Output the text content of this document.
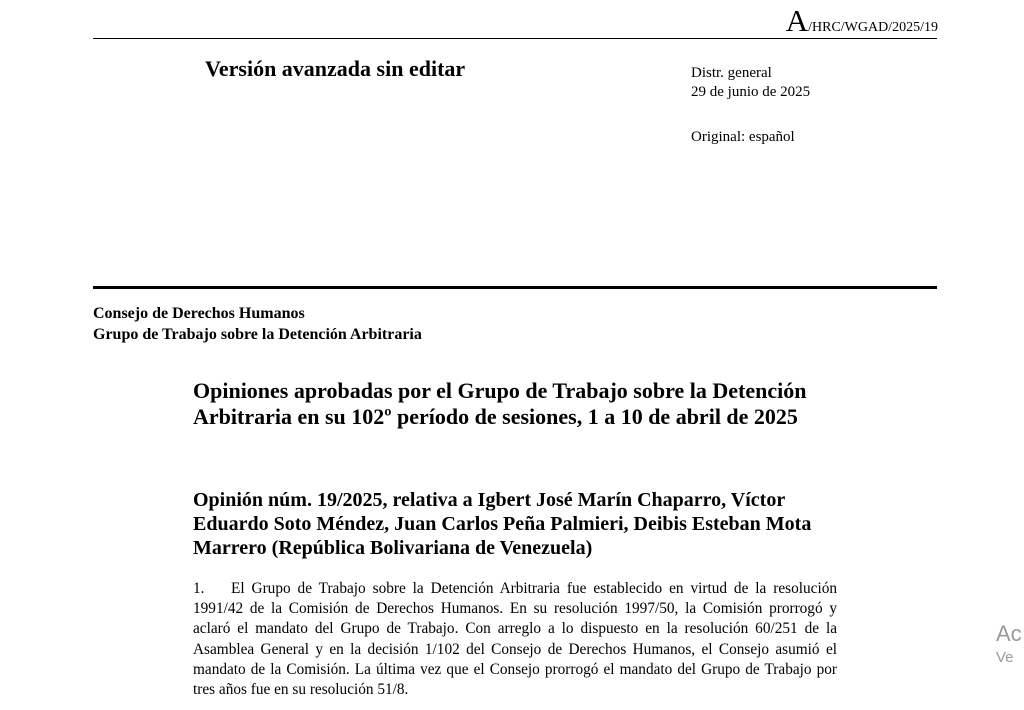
A/HRC/WGAD/2025/19
Versión avanzada sin editar	Distr. general
29 de junio de 2025
Original: español
Consejo de Derechos Humanos
Grupo de Trabajo sobre la Detención Arbitraria
Opiniones aprobadas por el Grupo de Trabajo sobre la Detención Arbitraria en su 102º período de sesiones, 1 a 10 de abril de 2025
Opinión núm. 19/2025, relativa a Igbert José Marín Chaparro, Víctor Eduardo Soto Méndez, Juan Carlos Peña Palmieri, Deibis Esteban Mota Marrero (República Bolivariana de Venezuela)
1. El Grupo de Trabajo sobre la Detención Arbitraria fue establecido en virtud de la resolución 1991/42 de la Comisión de Derechos Humanos. En su resolución 1997/50, la Comisión prorrogó y aclaró el mandato del Grupo de Trabajo. Con arreglo a lo dispuesto en la resolución 60/251 de la Asamblea General y en la decisión 1/102 del Consejo de Derechos Humanos, el Consejo asumió el mandato de la Comisión. La última vez que el Consejo prorrogó el mandato del Grupo de Trabajo por tres años fue en su resolución 51/8.
Ac
Ve
